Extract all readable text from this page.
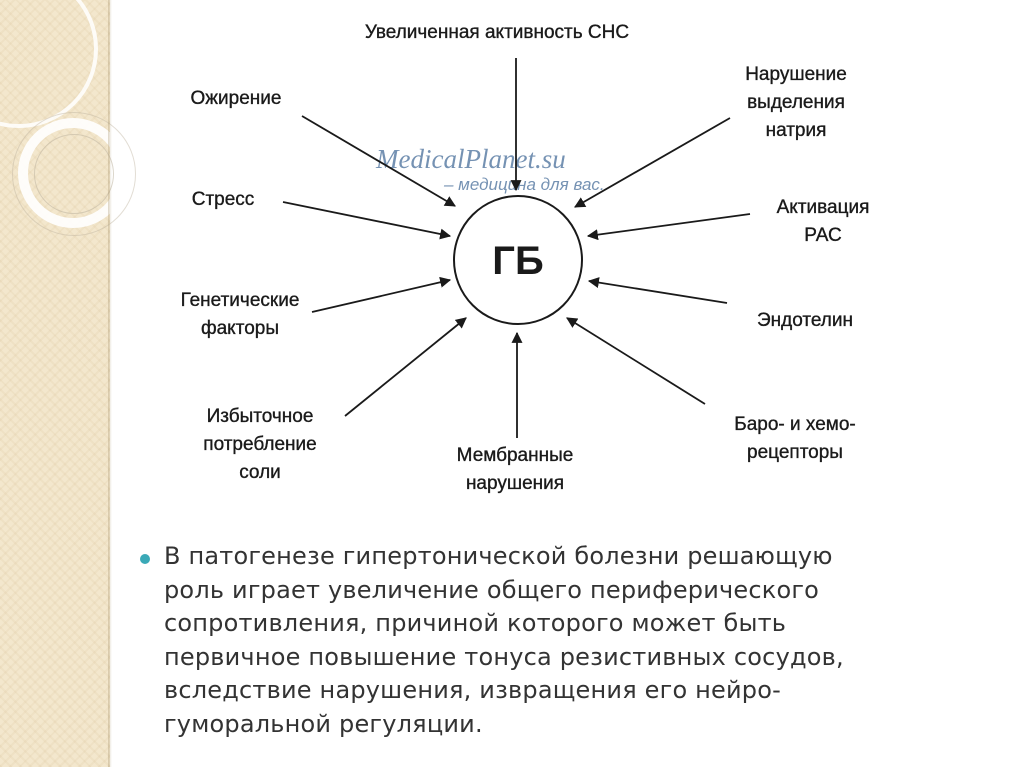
MedicalPlanet.su
– медицина для вас.
ГБ
Увеличенная активность СНС
Ожирение
Нарушение выделения натрия
Стресс	Активация РАС
Генетические факторы	Эндотелин
Избыточное потребление соли
Мембранные нарушения
Баро- и хемо-рецепторы

В патогенезе гипертонической болезни решающую
роль играет увеличение общего периферического
сопротивления, причиной которого может быть
первичное повышение тонуса резистивных сосудов,
вследствие нарушения, извращения его нейро-
гуморальной регуляции.
